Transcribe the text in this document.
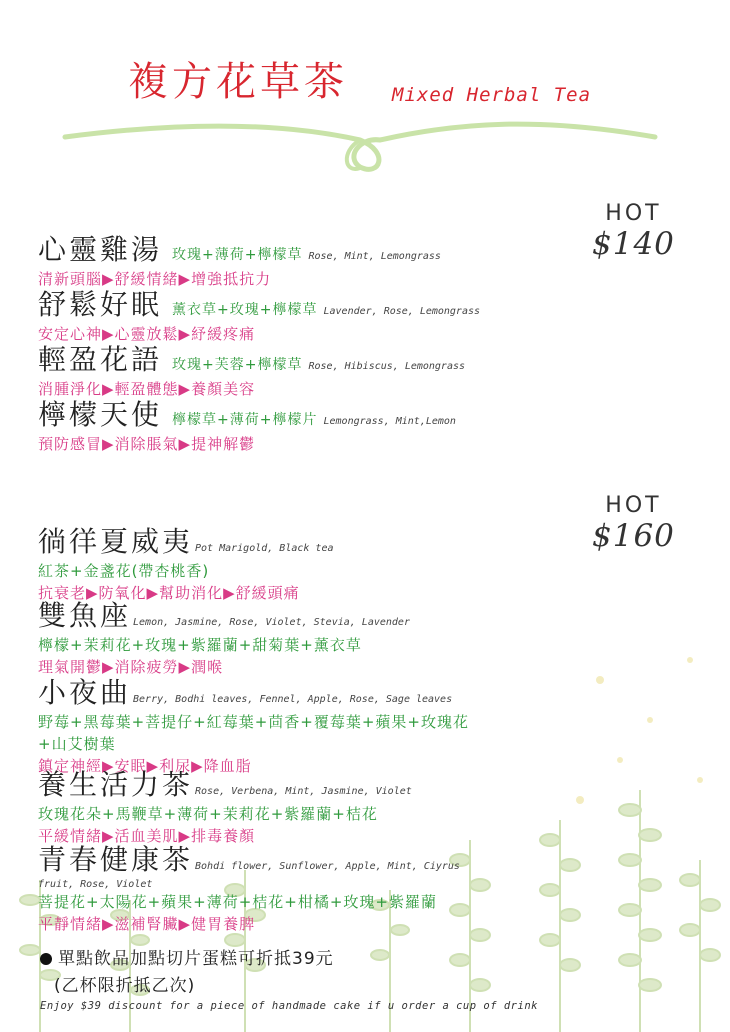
複方花草茶 Mixed Herbal Tea
HOT
$140
心靈雞湯 玫瑰+薄荷+檸檬草 Rose, Mint, Lemongrass
清新頭腦▶舒緩情緒▶增強抵抗力
舒鬆好眠 薰衣草+玫瑰+檸檬草 Lavender, Rose, Lemongrass
安定心神▶心靈放鬆▶紓緩疼痛
輕盈花語 玫瑰+芙蓉+檸檬草 Rose, Hibiscus, Lemongrass
消腫淨化▶輕盈體態▶養顏美容
檸檬天使 檸檬草+薄荷+檸檬片 Lemongrass, Mint,Lemon
預防感冒▶消除脹氣▶提神解鬱
HOT
$160
徜徉夏威夷 Pot Marigold, Black tea
紅茶+金盞花(帶杏桃香)
抗衰老▶防氧化▶幫助消化▶舒緩頭痛
雙魚座 Lemon, Jasmine, Rose, Violet, Stevia, Lavender
檸檬+茉莉花+玫瑰+紫羅蘭+甜菊葉+薰衣草
理氣開鬱▶消除疲勞▶潤喉
小夜曲 Berry, Bodhi leaves, Fennel, Apple, Rose, Sage leaves
野莓+黑莓葉+菩提仔+紅莓葉+茴香+覆莓葉+蘋果+玫瑰花
+山艾樹葉
鎮定神經▶安眠▶利尿▶降血脂
養生活力茶 Rose, Verbena, Mint, Jasmine, Violet
玫瑰花朵+馬鞭草+薄荷+茉莉花+紫羅蘭+桔花
平緩情緒▶活血美肌▶排毒養顏
青春健康茶 Bohdi flower, Sunflower, Apple, Mint, Ciyrus
fruit, Rose, Violet
菩提花+太陽花+蘋果+薄荷+桔花+柑橘+玫瑰+紫羅蘭
平靜情緒▶滋補腎臟▶健胃養脾
單點飲品加點切片蛋糕可折抵39元
(乙杯限折抵乙次)
Enjoy $39 discount for a piece of handmade cake if u order a cup of drink
